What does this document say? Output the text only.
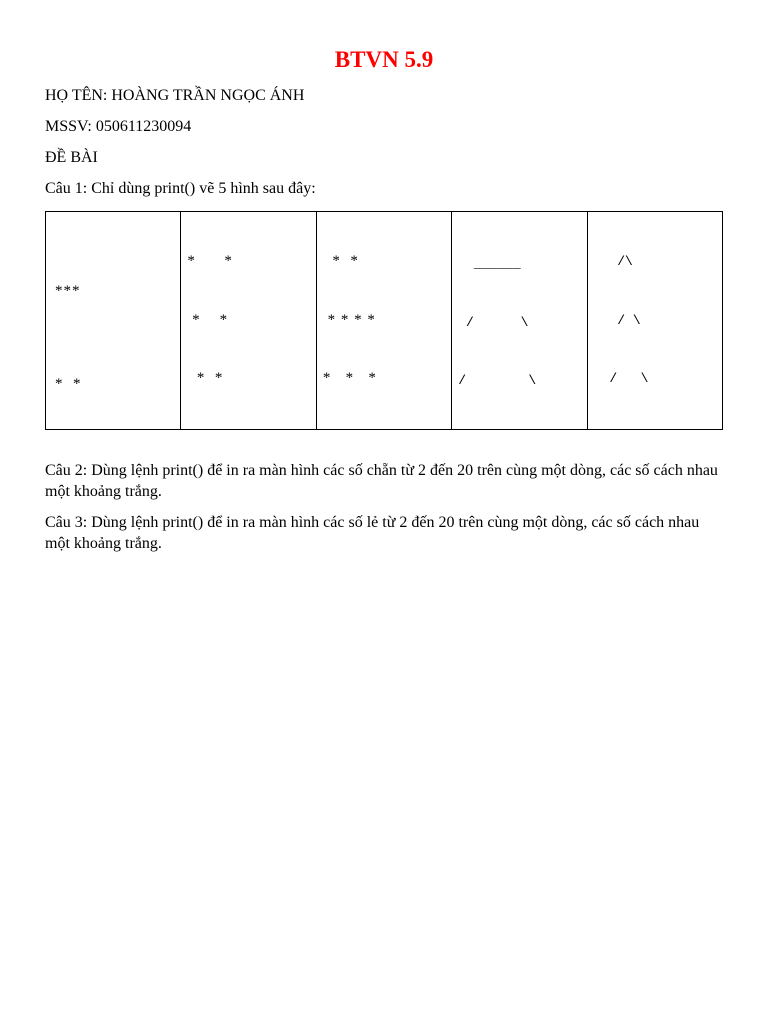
BTVN 5.9
HỌ TÊN: HOÀNG TRẦN NGỌC ÁNH
MSSV: 050611230094
ĐỀ BÀI
Câu 1: Chỉ dùng print() vẽ 5 hình sau đây:

***

*  *

*      *

*    *

*  *

*  *

* * * *

*   *   *

______

/      \

/        \

/\

/ \

/   \

Câu 2: Dùng lệnh print() để in ra màn hình các số chẵn từ 2 đến 20 trên cùng một dòng, các số cách nhau một khoảng trắng.
Câu 3: Dùng lệnh print() để in ra màn hình các số lẻ từ 2 đến 20 trên cùng một dòng, các số cách nhau một khoảng trắng.
